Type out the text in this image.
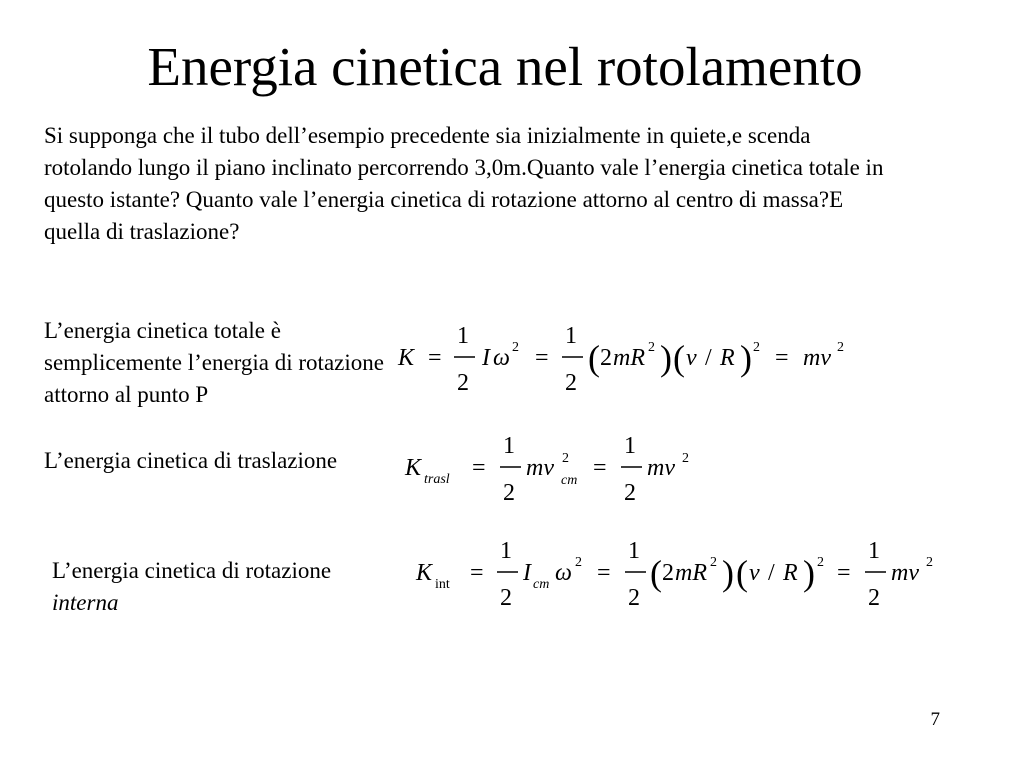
Energia cinetica nel rotolamento
Si supponga che il tubo dell’esempio precedente sia inizialmente in quiete,e scenda rotolando lungo il piano inclinato percorrendo 3,0m.Quanto vale l’energia cinetica totale in questo istante? Quanto vale l’energia cinetica di rotazione attorno al centro di massa?E quella di traslazione?
L’energia cinetica totale è semplicemente l’energia di rotazione attorno al punto P
K =
1
2
I ω 2 =
1
2
( 2 mR 2 ) ( v / R ) 2 = mv 2
L’energia cinetica di traslazione	K trasl =
1
2
mv 2
cm =
1
2
mv 2
L’energia cinetica di rotazione interna
K int =
1
2
I cm ω 2 =
1
2
( 2 mR 2 ) ( v / R ) 2 =
1
2
mv 2
7
